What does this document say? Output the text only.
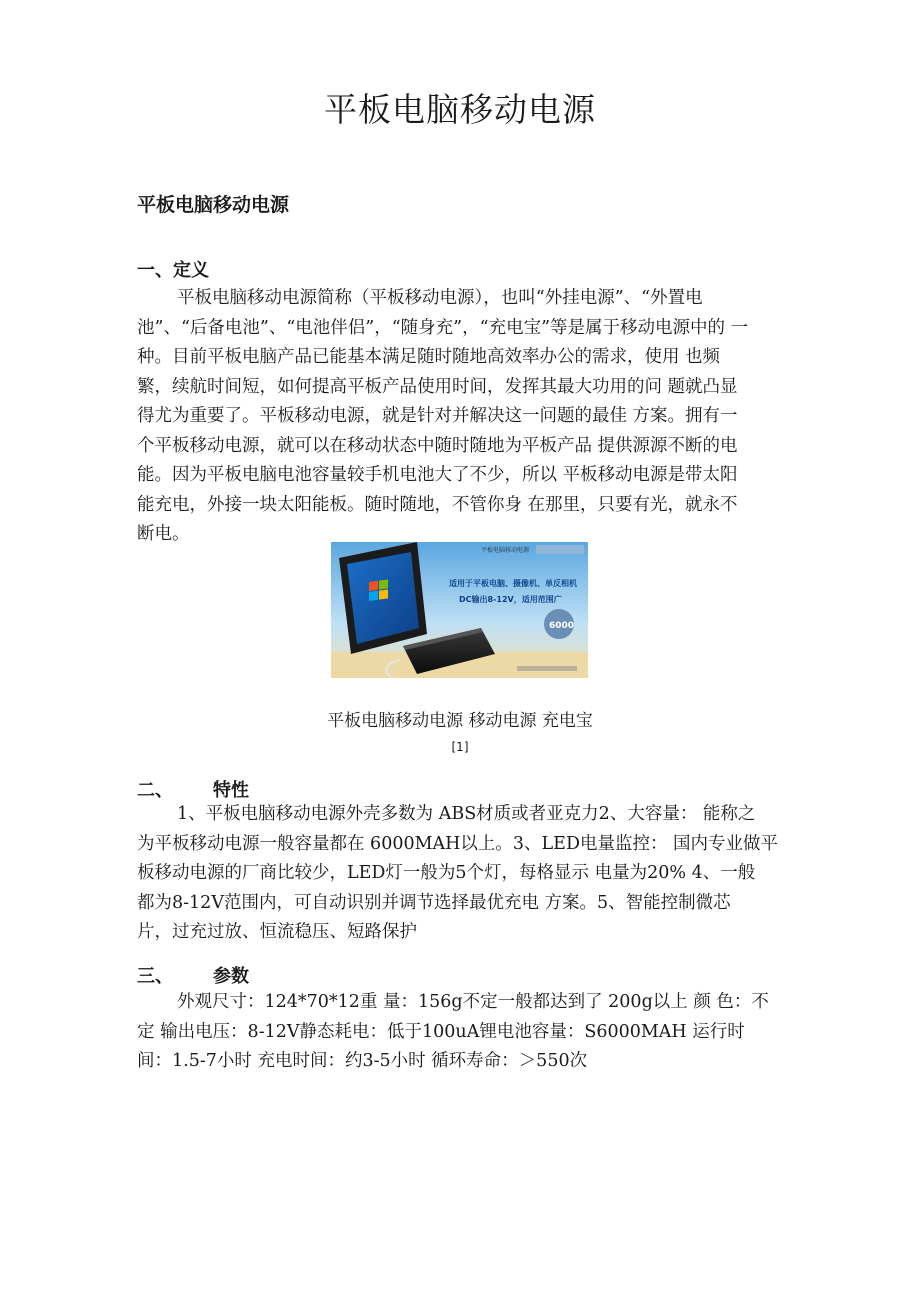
平板电脑移动电源
平板电脑移动电源
一、定义

平板电脑移动电源简称（平板移动电源），也叫“外挂电源”、“外置电
池”、“后备电池”、“电池伴侣”，“随身充”，“充电宝”等是属于移动电源中的 一
种。目前平板电脑产品已能基本满足随时随地高效率办公的需求，使用 也频
繁，续航时间短，如何提高平板产品使用时间，发挥其最大功用的问 题就凸显
得尤为重要了。平板移动电源，就是针对并解决这一问题的最佳 方案。拥有一
个平板移动电源，就可以在移动状态中随时随地为平板产品 提供源源不断的电
能。因为平板电脑电池容量较手机电池大了不少，所以 平板移动电源是带太阳
能充电，外接一块太阳能板。随时随地，不管你身 在那里，只要有光，就永不
断电。

平板电脑移动电源
适用于平板电脑、摄像机、单反相机
DC输出8-12V，适用范围广
6000

平板电脑移动电源 移动电源 充电宝

[1]

二、 特性

1、平板电脑移动电源外壳多数为 ABS材质或者亚克力2、大容量： 能称之
为平板移动电源一般容量都在 6000MAH以上。3、LED电量监控： 国内专业做平
板移动电源的厂商比较少，LED灯一般为5个灯，每格显示 电量为20% 4、一般
都为8-12V范围内，可自动识别并调节选择最优充电 方案。5、智能控制微芯
片，过充过放、恒流稳压、短路保护

三、 参数

外观尺寸：124*70*12重 量：156g不定一般都达到了 200g以上 颜 色：不
定 输出电压：8-12V静态耗电：低于100uA锂电池容量：S6000MAH 运行时
间：1.5-7小时 充电时间：约3-5小时 循环寿命：＞550次
